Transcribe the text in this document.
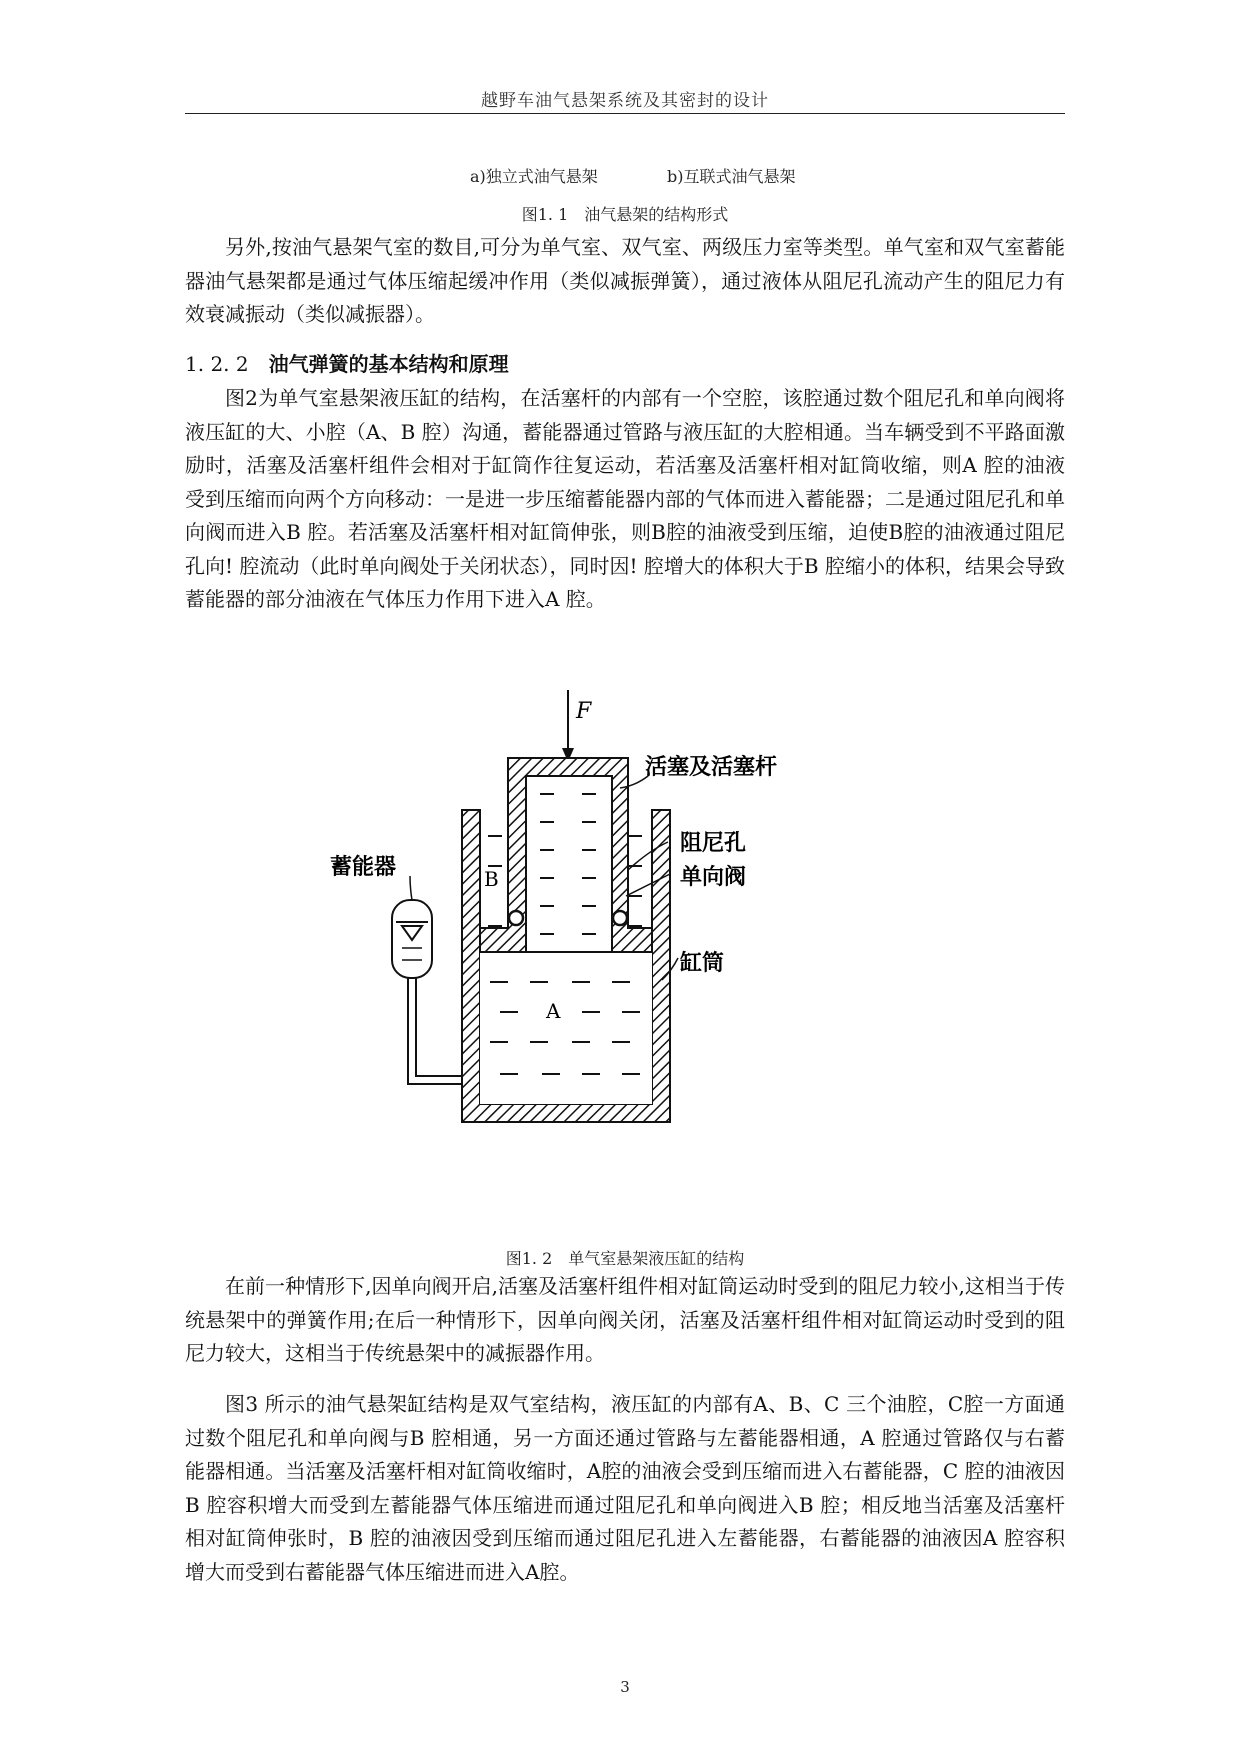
越野车油气悬架系统及其密封的设计
a)独立式油气悬架	b)互联式油气悬架
图1. 1　油气悬架的结构形式

另外,按油气悬架气室的数目,可分为单气室、双气室、两级压力室等类型。单气室和双气室蓄能器油气悬架都是通过气体压缩起缓冲作用（类似减振弹簧），通过液体从阻尼孔流动产生的阻尼力有效衰减振动（类似减振器）。

1. 2. 2 油气弹簧的基本结构和原理

图2为单气室悬架液压缸的结构，在活塞杆的内部有一个空腔，该腔通过数个阻尼孔和单向阀将液压缸的大、小腔（A、B 腔）沟通，蓄能器通过管路与液压缸的大腔相通。当车辆受到不平路面激励时，活塞及活塞杆组件会相对于缸筒作往复运动，若活塞及活塞杆相对缸筒收缩，则A 腔的油液受到压缩而向两个方向移动：一是进一步压缩蓄能器内部的气体而进入蓄能器；二是通过阻尼孔和单向阀而进入B 腔。若活塞及活塞杆相对缸筒伸张，则B腔的油液受到压缩，迫使B腔的油液通过阻尼孔向! 腔流动（此时单向阀处于关闭状态），同时因! 腔增大的体积大于B 腔缩小的体积，结果会导致蓄能器的部分油液在气体压力作用下进入A 腔。

F
A
B
活塞及活塞杆
阻尼孔
单向阀
缸筒
蓄能器
图1. 2　单气室悬架液压缸的结构

在前一种情形下,因单向阀开启,活塞及活塞杆组件相对缸筒运动时受到的阻尼力较小,这相当于传统悬架中的弹簧作用;在后一种情形下，因单向阀关闭，活塞及活塞杆组件相对缸筒运动时受到的阻尼力较大，这相当于传统悬架中的减振器作用。

图3 所示的油气悬架缸结构是双气室结构，液压缸的内部有A、B、C 三个油腔，C腔一方面通过数个阻尼孔和单向阀与B 腔相通，另一方面还通过管路与左蓄能器相通，A 腔通过管路仅与右蓄能器相通。当活塞及活塞杆相对缸筒收缩时，A腔的油液会受到压缩而进入右蓄能器，C 腔的油液因B 腔容积增大而受到左蓄能器气体压缩进而通过阻尼孔和单向阀进入B 腔；相反地当活塞及活塞杆相对缸筒伸张时，B 腔的油液因受到压缩而通过阻尼孔进入左蓄能器，右蓄能器的油液因A 腔容积增大而受到右蓄能器气体压缩进而进入A腔。

3
